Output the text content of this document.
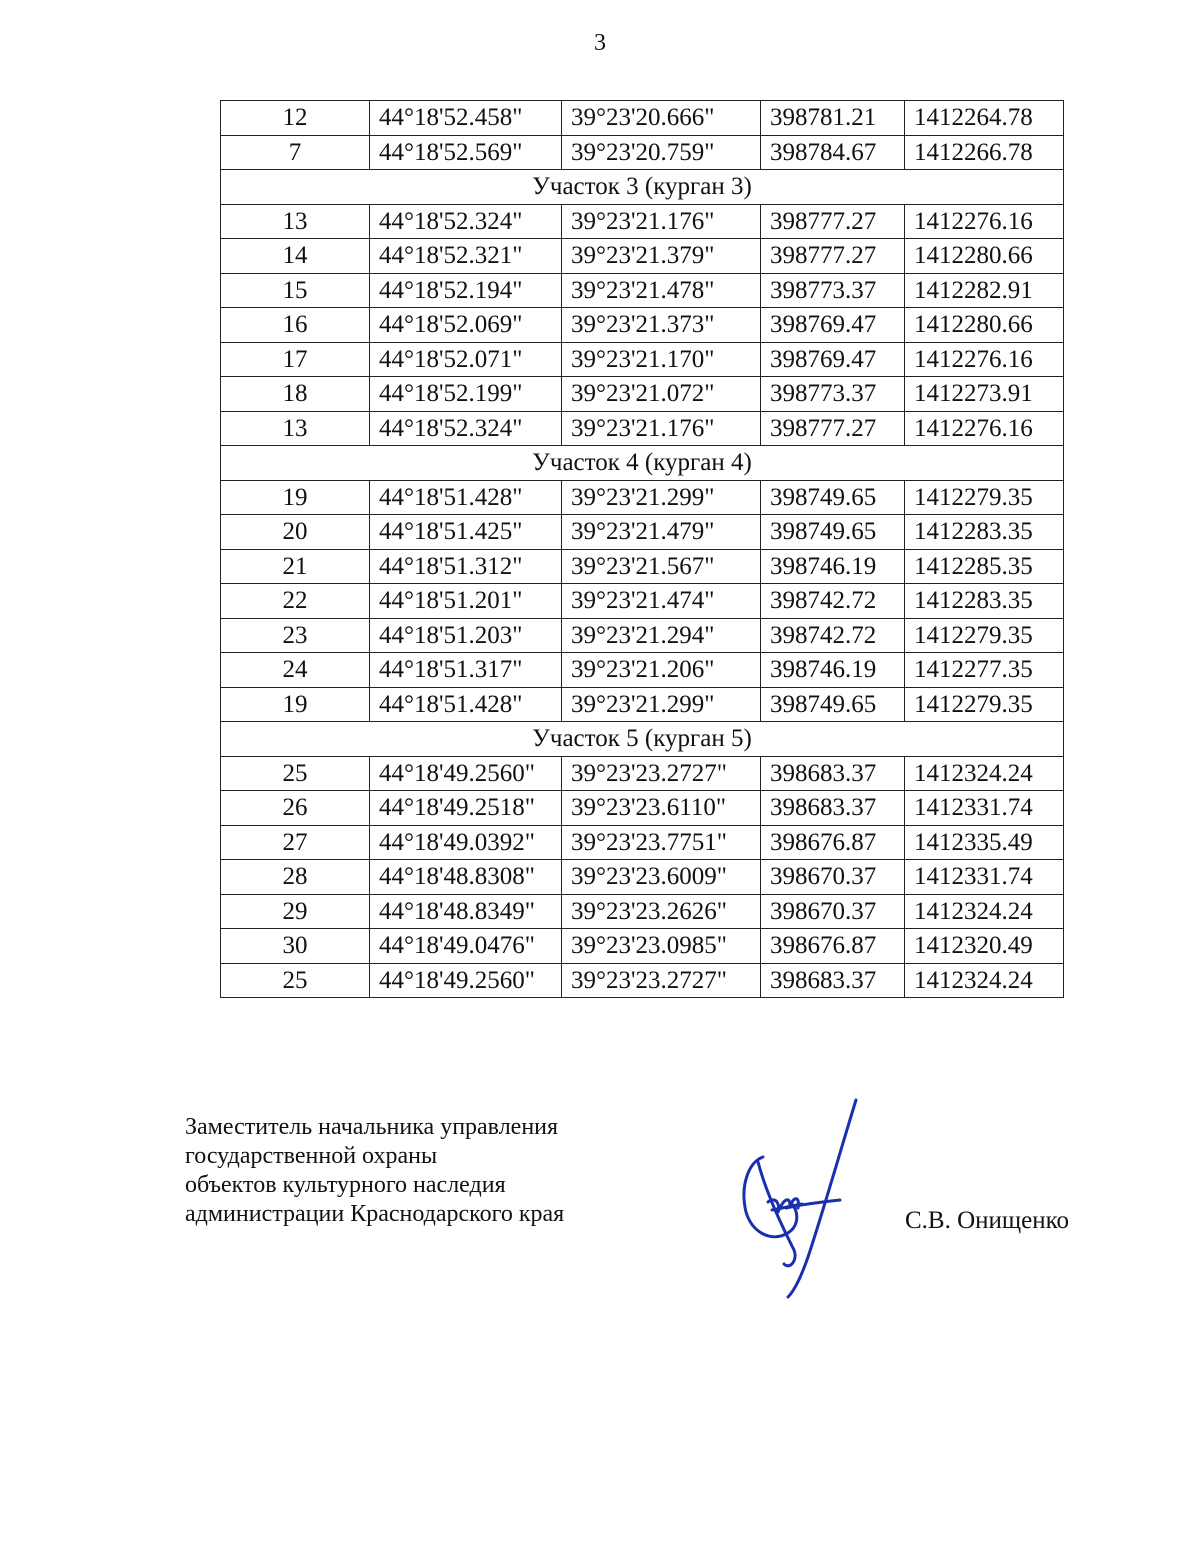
3
12	44°18'52.458"	39°23'20.666"	398781.21	1412264.78
7	44°18'52.569"	39°23'20.759"	398784.67	1412266.78
Участок 3 (курган 3)				
13	44°18'52.324"	39°23'21.176"	398777.27	1412276.16
14	44°18'52.321"	39°23'21.379"	398777.27	1412280.66
15	44°18'52.194"	39°23'21.478"	398773.37	1412282.91
16	44°18'52.069"	39°23'21.373"	398769.47	1412280.66
17	44°18'52.071"	39°23'21.170"	398769.47	1412276.16
18	44°18'52.199"	39°23'21.072"	398773.37	1412273.91
13	44°18'52.324"	39°23'21.176"	398777.27	1412276.16
Участок 4 (курган 4)				
19	44°18'51.428"	39°23'21.299"	398749.65	1412279.35
20	44°18'51.425"	39°23'21.479"	398749.65	1412283.35
21	44°18'51.312"	39°23'21.567"	398746.19	1412285.35
22	44°18'51.201"	39°23'21.474"	398742.72	1412283.35
23	44°18'51.203"	39°23'21.294"	398742.72	1412279.35
24	44°18'51.317"	39°23'21.206"	398746.19	1412277.35
19	44°18'51.428"	39°23'21.299"	398749.65	1412279.35
Участок 5 (курган 5)				
25	44°18'49.2560"	39°23'23.2727"	398683.37	1412324.24
26	44°18'49.2518"	39°23'23.6110"	398683.37	1412331.74
27	44°18'49.0392"	39°23'23.7751"	398676.87	1412335.49
28	44°18'48.8308"	39°23'23.6009"	398670.37	1412331.74
29	44°18'48.8349"	39°23'23.2626"	398670.37	1412324.24
30	44°18'49.0476"	39°23'23.0985"	398676.87	1412320.49
25	44°18'49.2560"	39°23'23.2727"	398683.37	1412324.24
Заместитель начальника управления
государственной охраны
объектов культурного наследия
администрации Краснодарского края	С.В. Онищенко
